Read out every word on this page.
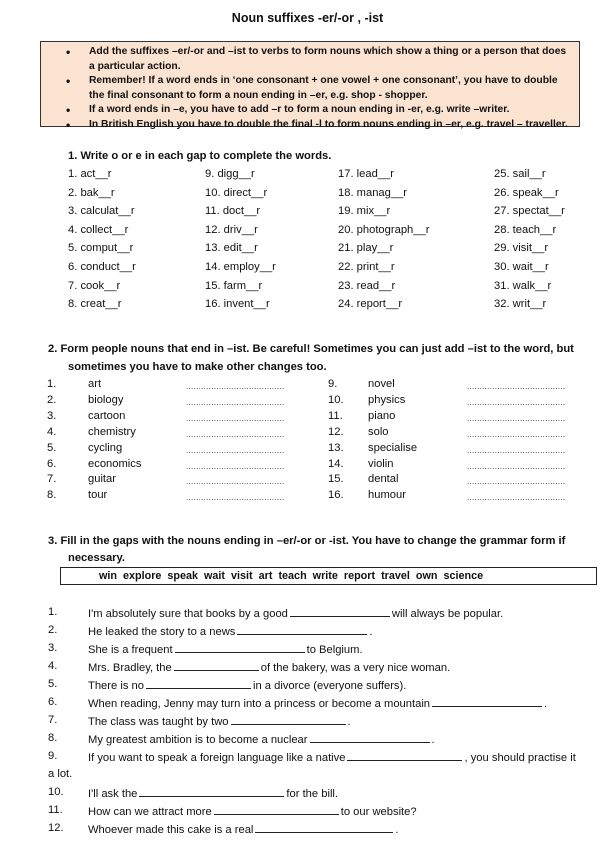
Noun suffixes -er/-or , -ist
• Add the suffixes –er/-or and –ist to verbs to form nouns which show a thing or a person that does a particular action.
• Remember! If a word ends in ‘one consonant + one vowel + one consonant’, you have to double the final consonant to form a noun ending in –er, e.g. shop - shopper.
• If a word ends in –e, you have to add –r to form a noun ending in -er, e.g. write –writer.
• In British English you have to double the final -l to form nouns ending in –er, e.g. travel – traveller.
1. Write o or e in each gap to complete the words.
1. act__r
2. bak__r
3. calculat__r
4. collect__r
5. comput__r
6. conduct__r
7. cook__r
8. creat__r
9. digg__r
10. direct__r
11. doct__r
12. driv__r
13. edit__r
14. employ__r
15. farm__r
16. invent__r
17. lead__r
18. manag__r
19. mix__r
20. photograph__r
21. play__r
22. print__r
23. read__r
24. report__r
25. sail__r
26. speak__r
27. spectat__r
28. teach__r
29. visit__r
30. wait__r
31. walk__r
32. writ__r
2. Form people nouns that end in –ist. Be careful! Sometimes you can just add –ist to the word, but
sometimes you have to make other changes too.
1.	art	.......................................
2.	biology	.......................................
3.	cartoon	.......................................
4.	chemistry	.......................................
5.	cycling	.......................................
6.	economics	.......................................
7.	guitar	.......................................
8.	tour	.......................................
9.	novel	.......................................
10. physics	.......................................
11. piano	.......................................
12. solo	.......................................
13. specialise	.......................................
14. violin	.......................................
15. dental	.......................................
16. humour	.......................................
3. Fill in the gaps with the nouns ending in –er/-or or -ist. You have to change the grammar form if
necessary.
win explore speak wait visit art teach write report travel own science
1.	I'm absolutely sure that books by a good	will always be popular.
2.	He leaked the story to a news	.
3.	She is a frequent	to Belgium.
4.	Mrs. Bradley, the	of the bakery, was a very nice woman.
5.	There is no	in a divorce (everyone suffers).
6.	When reading, Jenny may turn into a princess or become a mountain	.
7.	The class was taught by two	.
8.	My greatest ambition is to become a nuclear	.
9.	If you want to speak a foreign language like a native	, you should practise it
10. I'll ask the	for the bill.
11. How can we attract more	to our website?
12. Whoever made this cake is a real	.
a lot.
